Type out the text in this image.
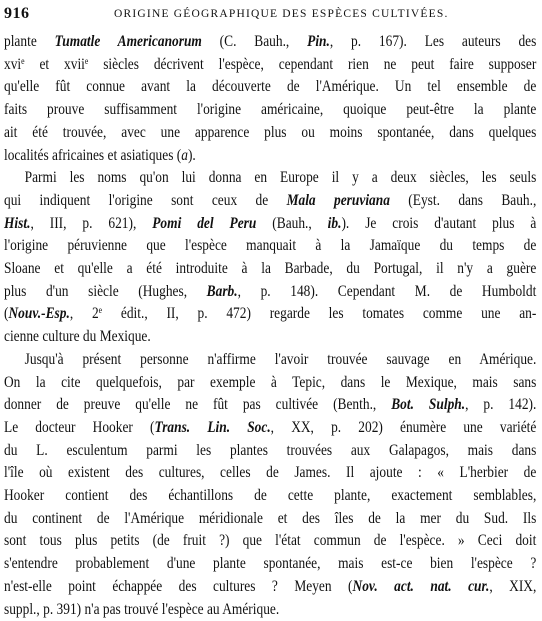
916	ORIGINE GÉOGRAPHIQUE DES ESPÈCES CULTIVÉES.
plante Tumatle Americanorum (C. Bauh., Pin., p. 167). Les auteurs des
xvi$^e$ et xvii$^e$ siècles décrivent l'espèce, cependant rien ne peut faire supposer
qu'elle fût connue avant la découverte de l'Amérique. Un tel ensemble de
faits prouve suffisamment l'origine américaine, quoique peut-être la plante
ait été trouvée, avec une apparence plus ou moins spontanée, dans quelques
localités africaines et asiatiques (a).
Parmi les noms qu'on lui donna en Europe il y a deux siècles, les seuls
qui indiquent l'origine sont ceux de Mala peruviana (Eyst. dans Bauh.,
Hist., III, p. 621), Pomi del Peru (Bauh., ib.). Je crois d'autant plus à
l'origine péruvienne que l'espèce manquait à la Jamaïque du temps de
Sloane et qu'elle a été introduite à la Barbade, du Portugal, il n'y a guère
plus d'un siècle (Hughes, Barb., p. 148). Cependant M. de Humboldt
(Nouv.-Esp., 2e édit., II, p. 472) regarde les tomates comme une an-
cienne culture du Mexique.
Jusqu'à présent personne n'affirme l'avoir trouvée sauvage en Amérique.
On la cite quelquefois, par exemple à Tepic, dans le Mexique, mais sans
donner de preuve qu'elle ne fût pas cultivée (Benth., Bot. Sulph., p. 142).
Le docteur Hooker (Trans. Lin. Soc., XX, p. 202) énumère une variété
du L. esculentum parmi les plantes trouvées aux Galapagos, mais dans
l'île où existent des cultures, celles de James. Il ajoute : « L'herbier de
Hooker contient des échantillons de cette plante, exactement semblables,
du continent de l'Amérique méridionale et des îles de la mer du Sud. Ils
sont tous plus petits (de fruit ?) que l'état commun de l'espèce. » Ceci doit
s'entendre probablement d'une plante spontanée, mais est-ce bien l'espèce ?
n'est-elle point échappée des cultures ? Meyen (Nov. act. nat. cur., XIX,
suppl., p. 391) n'a pas trouvé l'espèce au Amérique.
